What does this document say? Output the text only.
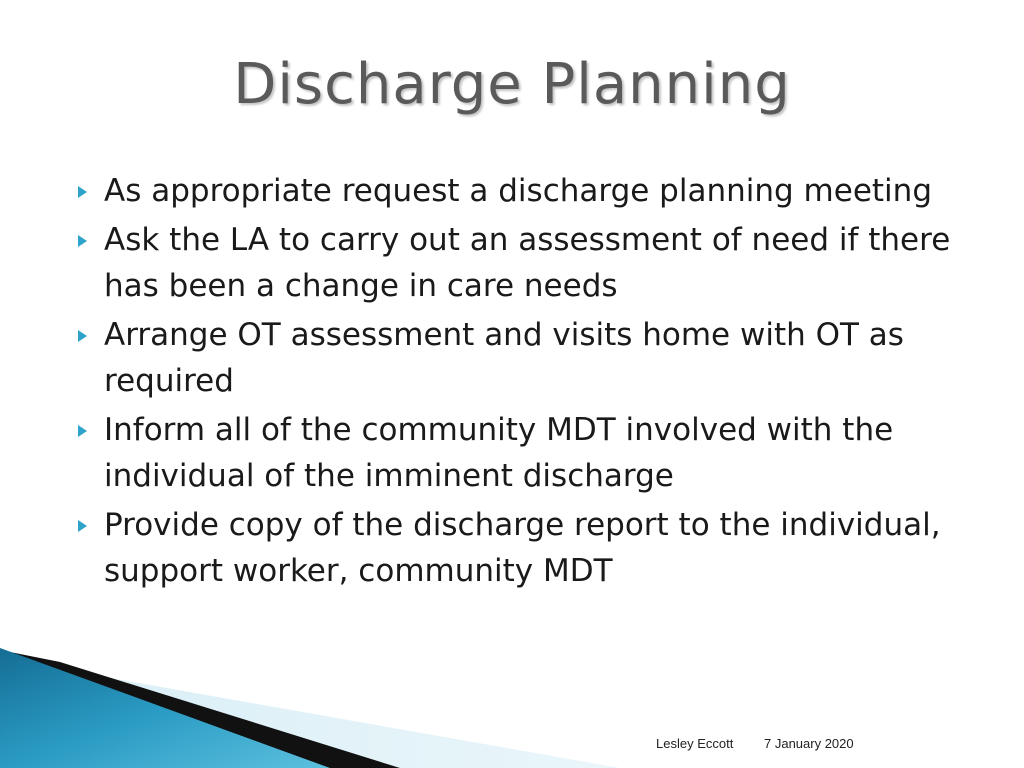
Discharge Planning
As appropriate request a discharge planning meeting
Ask the LA to carry out an assessment of need if there has been a change in care needs
Arrange OT assessment and visits home with OT as required
Inform all of the community MDT involved with the individual of the imminent discharge
Provide copy of the discharge report to the individual, support worker, community MDT
Lesley Eccott 7 January 2020
